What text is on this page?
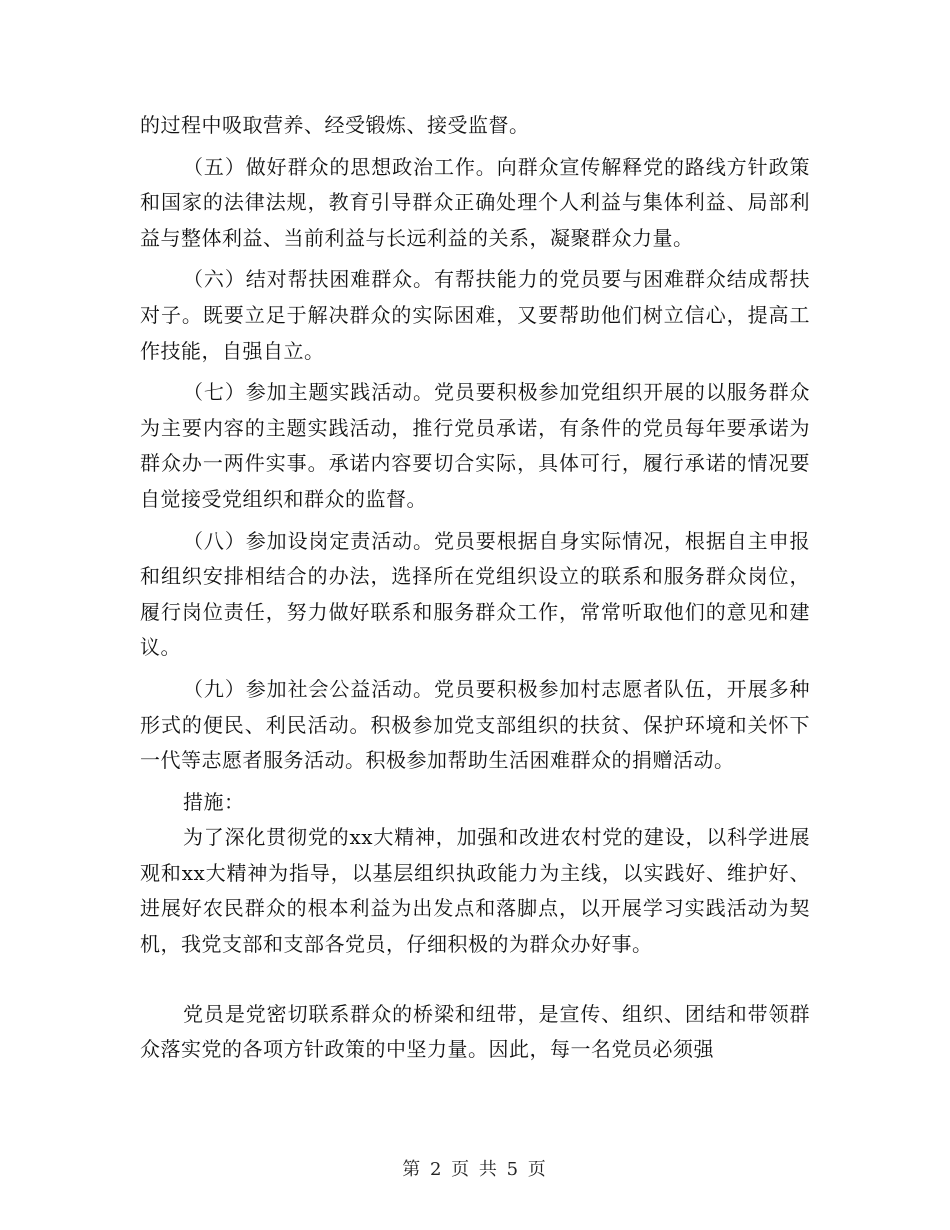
的过程中吸取营养、经受锻炼、接受监督。

（五）做好群众的思想政治工作。向群众宣传解释党的路线方针政策和国家的法律法规，教育引导群众正确处理个人利益与集体利益、局部利益与整体利益、当前利益与长远利益的关系，凝聚群众力量。

（六）结对帮扶困难群众。有帮扶能力的党员要与困难群众结成帮扶对子。既要立足于解决群众的实际困难，又要帮助他们树立信心，提高工作技能，自强自立。

（七）参加主题实践活动。党员要积极参加党组织开展的以服务群众为主要内容的主题实践活动，推行党员承诺，有条件的党员每年要承诺为群众办一两件实事。承诺内容要切合实际，具体可行，履行承诺的情况要自觉接受党组织和群众的监督。

（八）参加设岗定责活动。党员要根据自身实际情况，根据自主申报和组织安排相结合的办法，选择所在党组织设立的联系和服务群众岗位，履行岗位责任，努力做好联系和服务群众工作，常常听取他们的意见和建议。

（九）参加社会公益活动。党员要积极参加村志愿者队伍，开展多种形式的便民、利民活动。积极参加党支部组织的扶贫、保护环境和关怀下一代等志愿者服务活动。积极参加帮助生活困难群众的捐赠活动。

措施：

为了深化贯彻党的xx大精神，加强和改进农村党的建设，以科学进展观和xx大精神为指导，以基层组织执政能力为主线，以实践好、维护好、进展好农民群众的根本利益为出发点和落脚点，以开展学习实践活动为契机，我党支部和支部各党员，仔细积极的为群众办好事。

党员是党密切联系群众的桥梁和纽带，是宣传、组织、团结和带领群众落实党的各项方针政策的中坚力量。因此，每一名党员必须强

第 2 页 共 5 页
